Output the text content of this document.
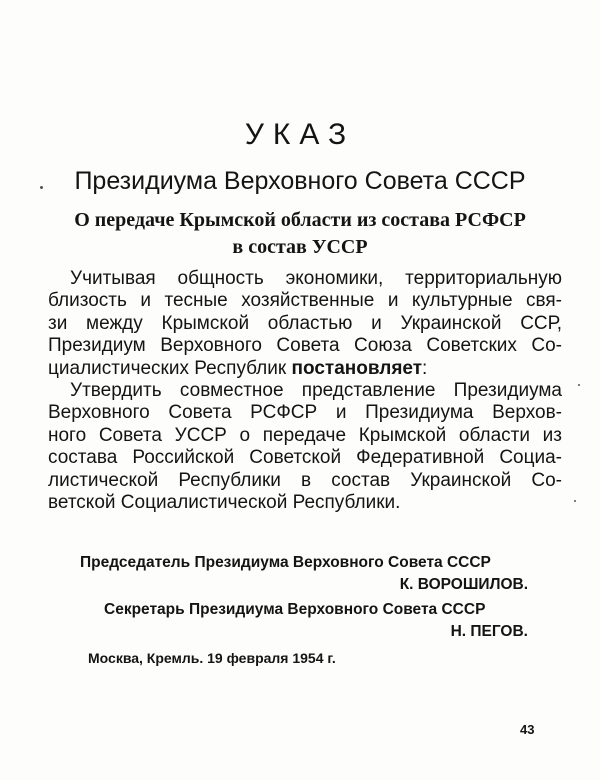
УКАЗ
Президиума Верховного Совета СССР
О передаче Крымской области из состава РСФСР
в состав УССР
Учитывая общность экономики, территориальную
близость и тесные хозяйственные и культурные свя-
зи между Крымской областью и Украинской ССР,
Президиум Верховного Совета Союза Советских Со-
циалистических Республик постановляет:
Утвердить совместное представление Президиума
Верховного Совета РСФСР и Президиума Верхов-
ного Совета УССР о передаче Крымской области из
состава Российской Советской Федеративной Социа-
листической Республики в состав Украинской Со-
ветской Социалистической Республики.
Председатель Президиума Верховного Совета СССР
К. ВОРОШИЛОВ.
Секретарь Президиума Верховного Совета СССР
Н. ПЕГОВ.
Москва, Кремль. 19 февраля 1954 г.
43
